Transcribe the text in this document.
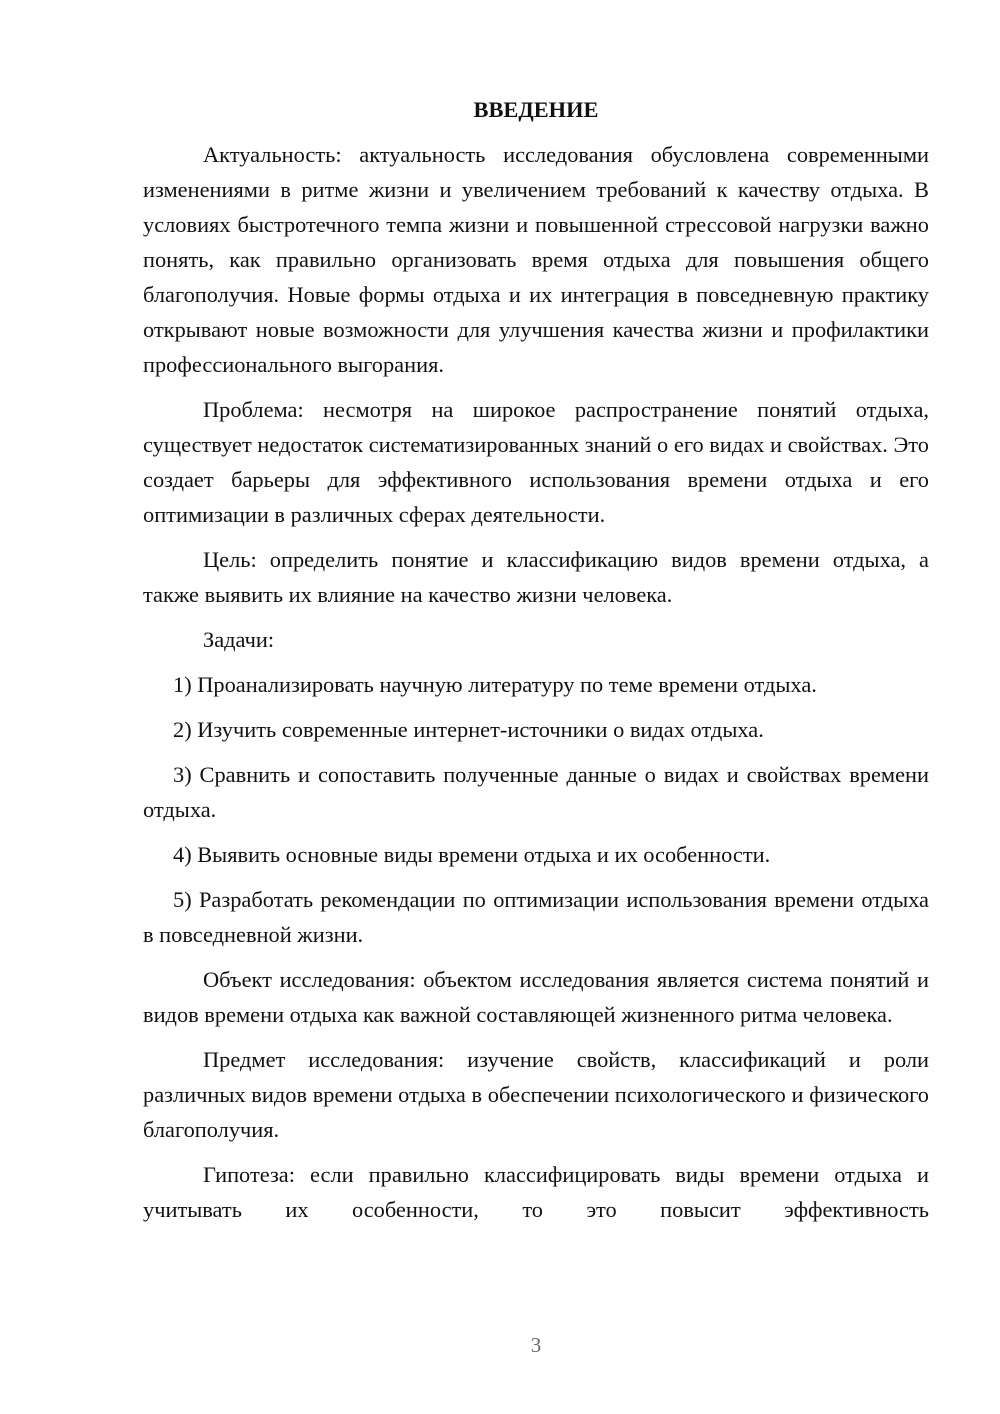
ВВЕДЕНИЕ

Актуальность: актуальность исследования обусловлена современными изменениями в ритме жизни и увеличением требований к качеству отдыха. В условиях быстротечного темпа жизни и повышенной стрессовой нагрузки важно понять, как правильно организовать время отдыха для повышения общего благополучия. Новые формы отдыха и их интеграция в повседневную практику открывают новые возможности для улучшения качества жизни и профилактики профессионального выгорания.

Проблема: несмотря на широкое распространение понятий отдыха, существует недостаток систематизированных знаний о его видах и свойствах. Это создает барьеры для эффективного использования времени отдыха и его оптимизации в различных сферах деятельности.

Цель: определить понятие и классификацию видов времени отдыха, а также выявить их влияние на качество жизни человека.

Задачи:

1) Проанализировать научную литературу по теме времени отдыха.

2) Изучить современные интернет-источники о видах отдыха.

3) Сравнить и сопоставить полученные данные о видах и свойствах времени отдыха.

4) Выявить основные виды времени отдыха и их особенности.

5) Разработать рекомендации по оптимизации использования времени отдыха в повседневной жизни.

Объект исследования: объектом исследования является система понятий и видов времени отдыха как важной составляющей жизненного ритма человека.

Предмет исследования: изучение свойств, классификаций и роли различных видов времени отдыха в обеспечении психологического и физического благополучия.

Гипотеза: если правильно классифицировать виды времени отдыха и учитывать их особенности, то это повысит эффективность

3
